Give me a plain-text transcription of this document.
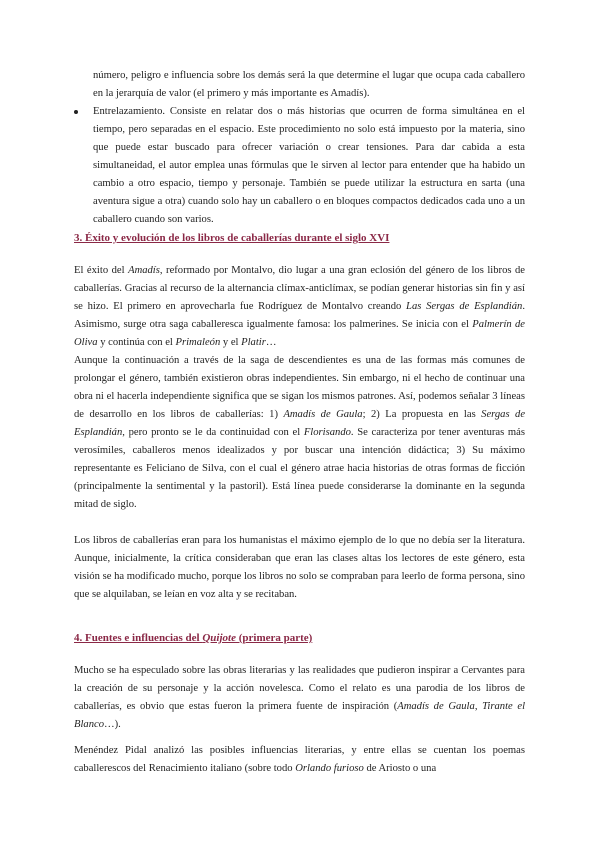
número, peligro e influencia sobre los demás será la que determine el lugar que ocupa cada caballero en la jerarquía de valor (el primero y más importante es Amadís).

Entrelazamiento. Consiste en relatar dos o más historias que ocurren de forma simultánea en el tiempo, pero separadas en el espacio. Este procedimiento no solo está impuesto por la materia, sino que puede estar buscado para ofrecer variación o crear tensiones. Para dar cabida a esta simultaneidad, el autor emplea unas fórmulas que le sirven al lector para entender que ha habido un cambio a otro espacio, tiempo y personaje. También se puede utilizar la estructura en sarta (una aventura sigue a otra) cuando solo hay un caballero o en bloques compactos dedicados cada uno a un caballero cuando son varios.

3. Éxito y evolución de los libros de caballerías durante el siglo XVI

El éxito del Amadís, reformado por Montalvo, dio lugar a una gran eclosión del género de los libros de caballerías. Gracias al recurso de la alternancia clímax-anticlímax, se podían generar historias sin fin y así se hizo. El primero en aprovecharla fue Rodríguez de Montalvo creando Las Sergas de Esplandián. Asimismo, surge otra saga caballeresca igualmente famosa: los palmerines. Se inicia con el Palmerín de Oliva y continúa con el Primaleón y el Platir…

Aunque la continuación a través de la saga de descendientes es una de las formas más comunes de prolongar el género, también existieron obras independientes. Sin embargo, ni el hecho de continuar una obra ni el hacerla independiente significa que se sigan los mismos patrones. Así, podemos señalar 3 líneas de desarrollo en los libros de caballerías: 1) Amadís de Gaula; 2) La propuesta en las Sergas de Esplandián, pero pronto se le da continuidad con el Florisando. Se caracteriza por tener aventuras más verosímiles, caballeros menos idealizados y por buscar una intención didáctica; 3) Su máximo representante es Feliciano de Silva, con el cual el género atrae hacia historias de otras formas de ficción (principalmente la sentimental y la pastoril). Está línea puede considerarse la dominante en la segunda mitad de siglo.

Los libros de caballerías eran para los humanistas el máximo ejemplo de lo que no debía ser la literatura. Aunque, inicialmente, la crítica consideraban que eran las clases altas los lectores de este género, esta visión se ha modificado mucho, porque los libros no solo se compraban para leerlo de forma persona, sino que se alquilaban, se leían en voz alta y se recitaban.

4. Fuentes e influencias del Quijote (primera parte)

Mucho se ha especulado sobre las obras literarias y las realidades que pudieron inspirar a Cervantes para la creación de su personaje y la acción novelesca. Como el relato es una parodia de los libros de caballerías, es obvio que estas fueron la primera fuente de inspiración (Amadís de Gaula, Tirante el Blanco…).

Menéndez Pidal analizó las posibles influencias literarias, y entre ellas se cuentan los poemas caballerescos del Renacimiento italiano (sobre todo Orlando furioso de Ariosto o una
